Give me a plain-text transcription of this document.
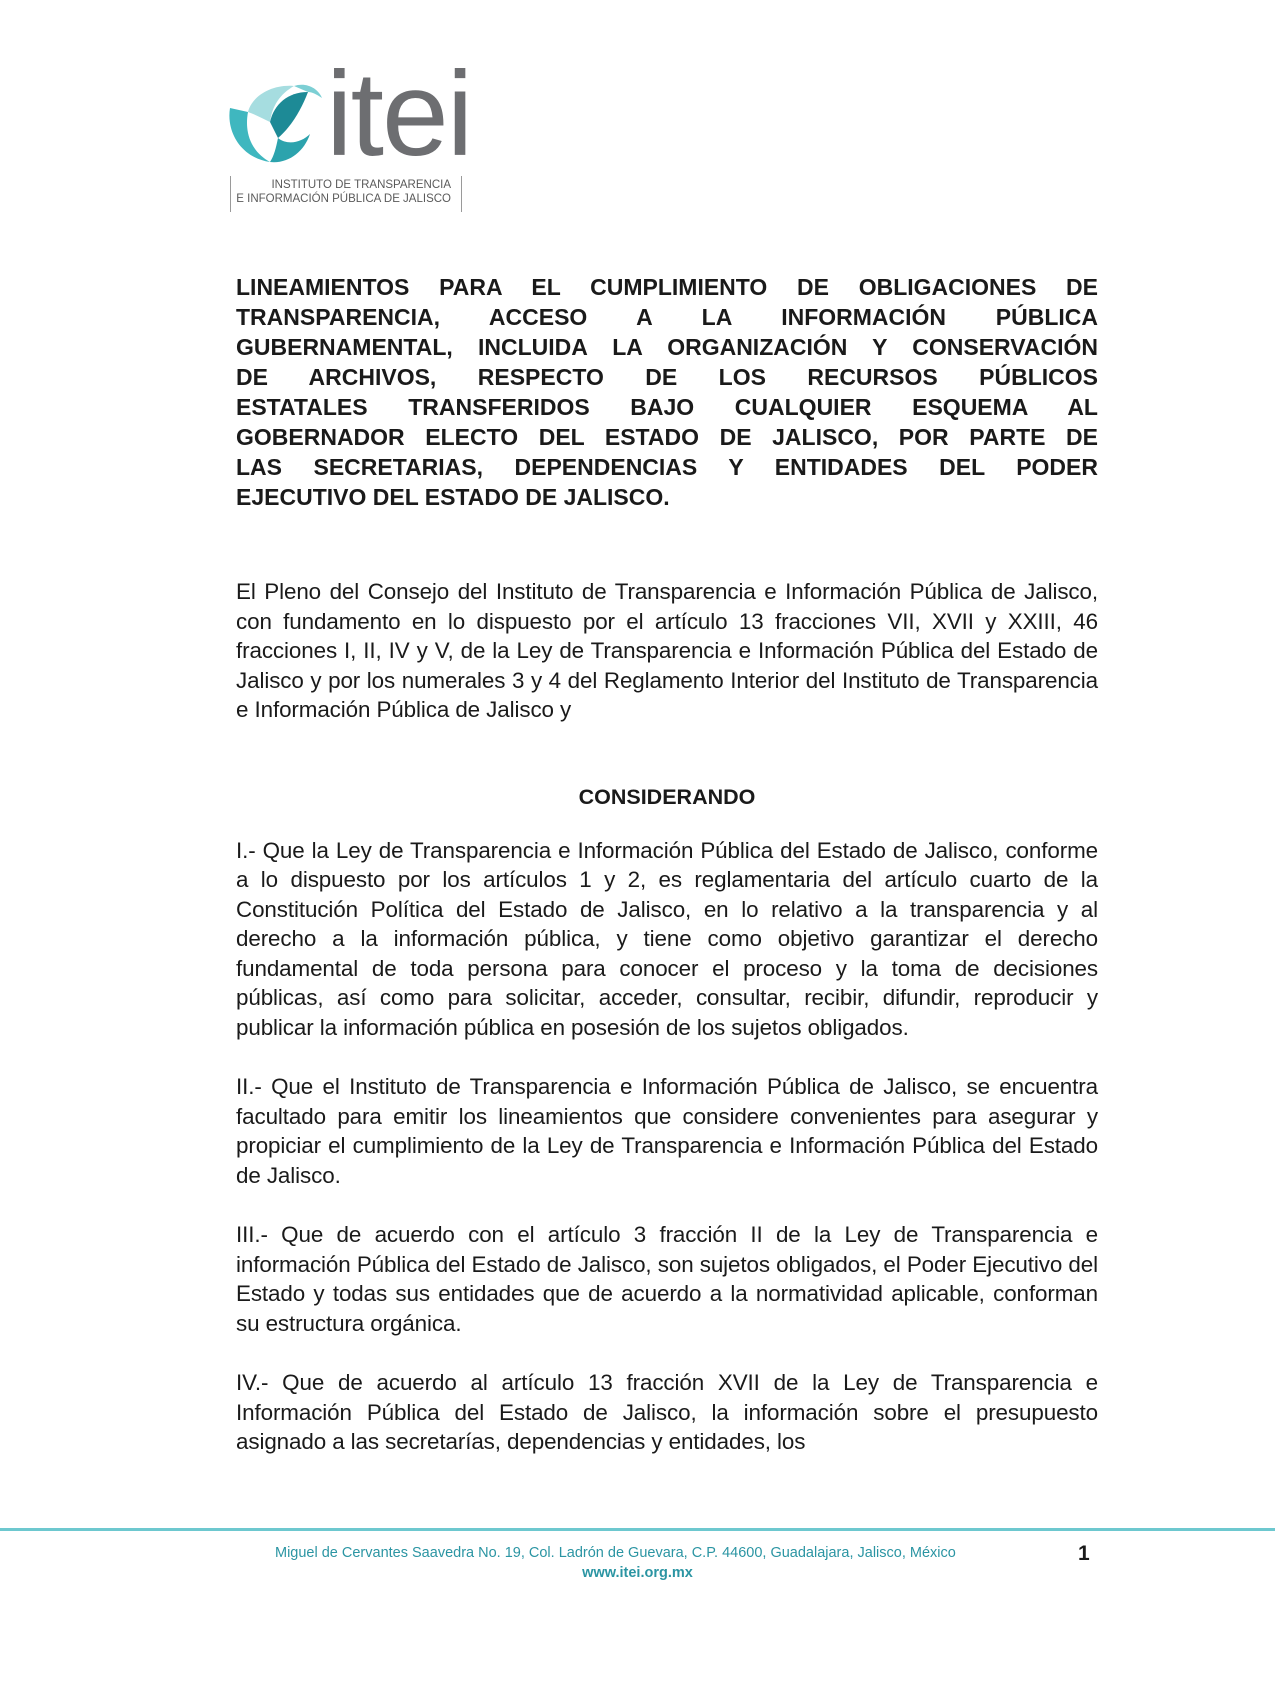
itei
INSTITUTO DE TRANSPARENCIA
E INFORMACIÓN PÚBLICA DE JALISCO
LINEAMIENTOS PARA EL CUMPLIMIENTO DE OBLIGACIONES DE
TRANSPARENCIA, ACCESO A LA INFORMACIÓN PÚBLICA
GUBERNAMENTAL, INCLUIDA LA ORGANIZACIÓN Y CONSERVACIÓN
DE ARCHIVOS, RESPECTO DE LOS RECURSOS PÚBLICOS
ESTATALES TRANSFERIDOS BAJO CUALQUIER ESQUEMA AL
GOBERNADOR ELECTO DEL ESTADO DE JALISCO, POR PARTE DE
LAS SECRETARIAS, DEPENDENCIAS Y ENTIDADES DEL PODER
EJECUTIVO DEL ESTADO DE JALISCO.

El Pleno del Consejo del Instituto de Transparencia e Información Pública de Jalisco, con fundamento en lo dispuesto por el artículo 13 fracciones VII, XVII y XXIII, 46 fracciones I, II, IV y V, de la Ley de Transparencia e Información Pública del Estado de Jalisco y por los numerales 3 y 4 del Reglamento Interior del Instituto de Transparencia e Información Pública de Jalisco y

CONSIDERANDO

I.- Que la Ley de Transparencia e Información Pública del Estado de Jalisco, conforme a lo dispuesto por los artículos 1 y 2, es reglamentaria del artículo cuarto de la Constitución Política del Estado de Jalisco, en lo relativo a la transparencia y al derecho a la información pública, y tiene como objetivo garantizar el derecho fundamental de toda persona para conocer el proceso y la toma de decisiones públicas, así como para solicitar, acceder, consultar, recibir, difundir, reproducir y publicar la información pública en posesión de los sujetos obligados.

II.- Que el Instituto de Transparencia e Información Pública de Jalisco, se encuentra facultado para emitir los lineamientos que considere convenientes para asegurar y propiciar el cumplimiento de la Ley de Transparencia e Información Pública del Estado de Jalisco.

III.- Que de acuerdo con el artículo 3 fracción II de la Ley de Transparencia e información Pública del Estado de Jalisco, son sujetos obligados, el Poder Ejecutivo del Estado y todas sus entidades que de acuerdo a la normatividad aplicable, conforman su estructura orgánica.

IV.- Que de acuerdo al artículo 13 fracción XVII de la Ley de Transparencia e Información Pública del Estado de Jalisco, la información sobre el presupuesto asignado a las secretarías, dependencias y entidades, los

Miguel de Cervantes Saavedra No. 19, Col. Ladrón de Guevara, C.P. 44600, Guadalajara, Jalisco, México
www.itei.org.mx
1
